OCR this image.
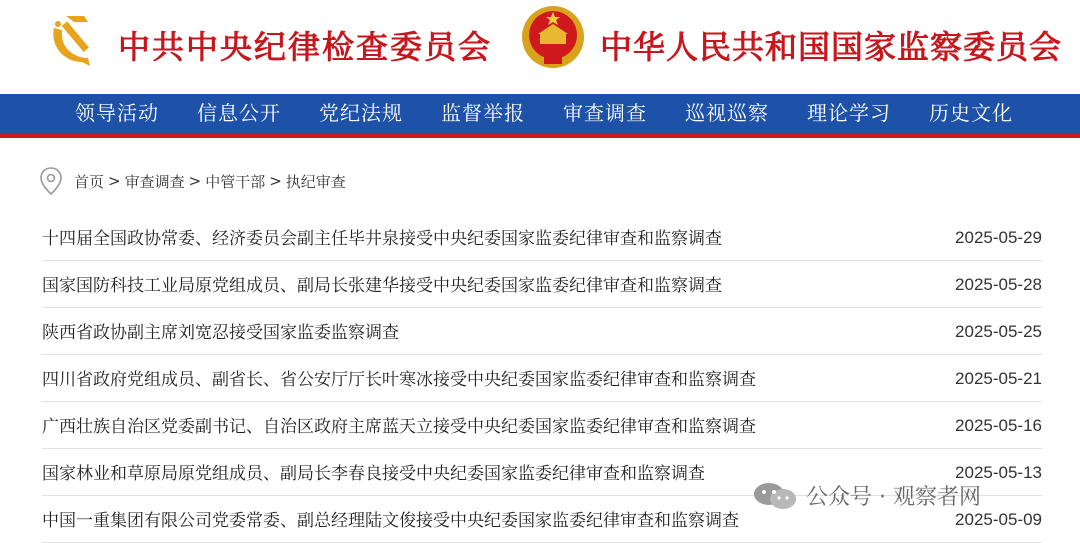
中共中央纪律检查委员会	中华人民共和国国家监察委员会
领导活动	信息公开	党纪法规	监督举报	审查调查	巡视巡察	理论学习	历史文化
首页 > 审查调查 > 中管干部 > 执纪审查
十四届全国政协常委、经济委员会副主任毕井泉接受中央纪委国家监委纪律审查和监察调查	2025-05-29
国家国防科技工业局原党组成员、副局长张建华接受中央纪委国家监委纪律审查和监察调查	2025-05-28
陕西省政协副主席刘宽忍接受国家监委监察调查	2025-05-25
四川省政府党组成员、副省长、省公安厅厅长叶寒冰接受中央纪委国家监委纪律审查和监察调查	2025-05-21
广西壮族自治区党委副书记、自治区政府主席蓝天立接受中央纪委国家监委纪律审查和监察调查	2025-05-16
国家林业和草原局原党组成员、副局长李春良接受中央纪委国家监委纪律审查和监察调查	2025-05-13
中国一重集团有限公司党委常委、副总经理陆文俊接受中央纪委国家监委纪律审查和监察调查	2025-05-09
公众号 · 观察者网
